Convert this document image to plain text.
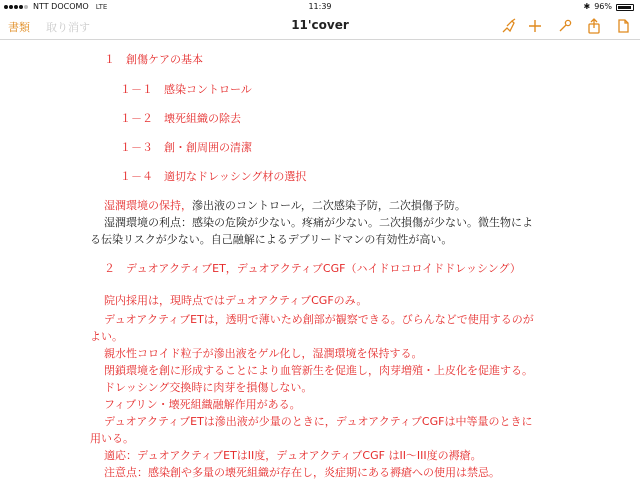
NTT DOCOMO LTE	11:39	✱ 96%
書類 取り消す	11'cover
１　創傷ケアの基本
１－１　感染コントロール
１－２　壊死組織の除去
１－３　創・創周囲の清潔
１－４　適切なドレッシング材の選択
湿潤環境の保持，滲出液のコントロール，二次感染予防，二次損傷予防。
湿潤環境の利点：感染の危険が少ない。疼痛が少ない。二次損傷が少ない。微生物によ
る伝染リスクが少ない。自己融解によるデブリードマンの有効性が高い。
２　デュオアクティブET，デュオアクティブCGF（ハイドロコロイドドレッシング）
院内採用は，現時点ではデュオアクティブCGFのみ。
デュオアクティブETは，透明で薄いため創部が観察できる。びらんなどで使用するのが
よい。
親水性コロイド粒子が滲出液をゲル化し，湿潤環境を保持する。
閉鎖環境を創に形成することにより血管新生を促進し，肉芽増殖・上皮化を促進する。
ドレッシング交換時に肉芽を損傷しない。
フィブリン・壊死組織融解作用がある。
デュオアクティブETは滲出液が少量のときに，デュオアクティブCGFは中等量のときに
用いる。
適応：デュオアクティブETはII度，デュオアクティブCGF はII〜III度の褥瘡。
注意点：感染創や多量の壊死組織が存在し，炎症期にある褥瘡への使用は禁忌。
